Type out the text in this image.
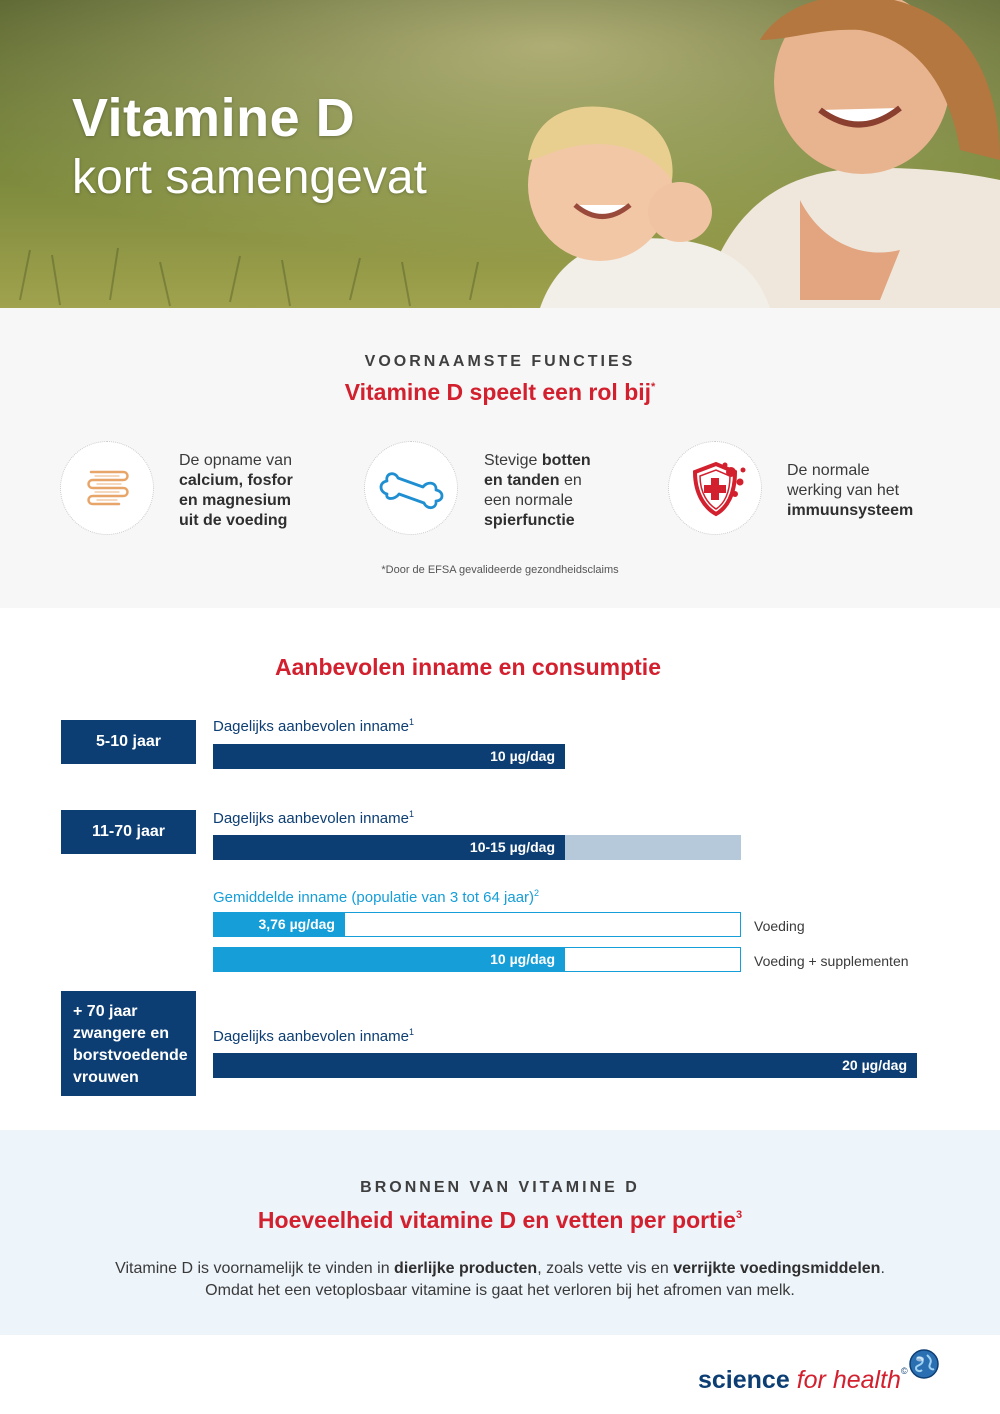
Vitamine D
kort samengevat
VOORNAAMSTE FUNCTIES
Vitamine D speelt een rol bij*
De opname van
calcium, fosfor
en magnesium
uit de voeding
Stevige botten
en tanden en
een normale
spierfunctie
De normale
werking van het
immuunsysteem
*Door de EFSA gevalideerde gezondheidsclaims
Aanbevolen inname en consumptie
5-10 jaar
Dagelijks aanbevolen inname$^1$
10 µg/dag
11-70 jaar
Dagelijks aanbevolen inname$^1$
10-15 µg/dag
Gemiddelde inname (populatie van 3 tot 64 jaar)$^2$
3,76 µg/dag	Voeding
10 µg/dag	Voeding + supplementen
+ 70 jaar
zwangere en
borstvoedende
vrouwen
Dagelijks aanbevolen inname$^1$
20 µg/dag
BRONNEN VAN VITAMINE D
Hoeveelheid vitamine D en vetten per portie$^3$
Vitamine D is voornamelijk te vinden in dierlijke producten, zoals vette vis en verrijkte voedingsmiddelen.
Omdat het een vetoplosbaar vitamine is gaat het verloren bij het afromen van melk.
science for health©
